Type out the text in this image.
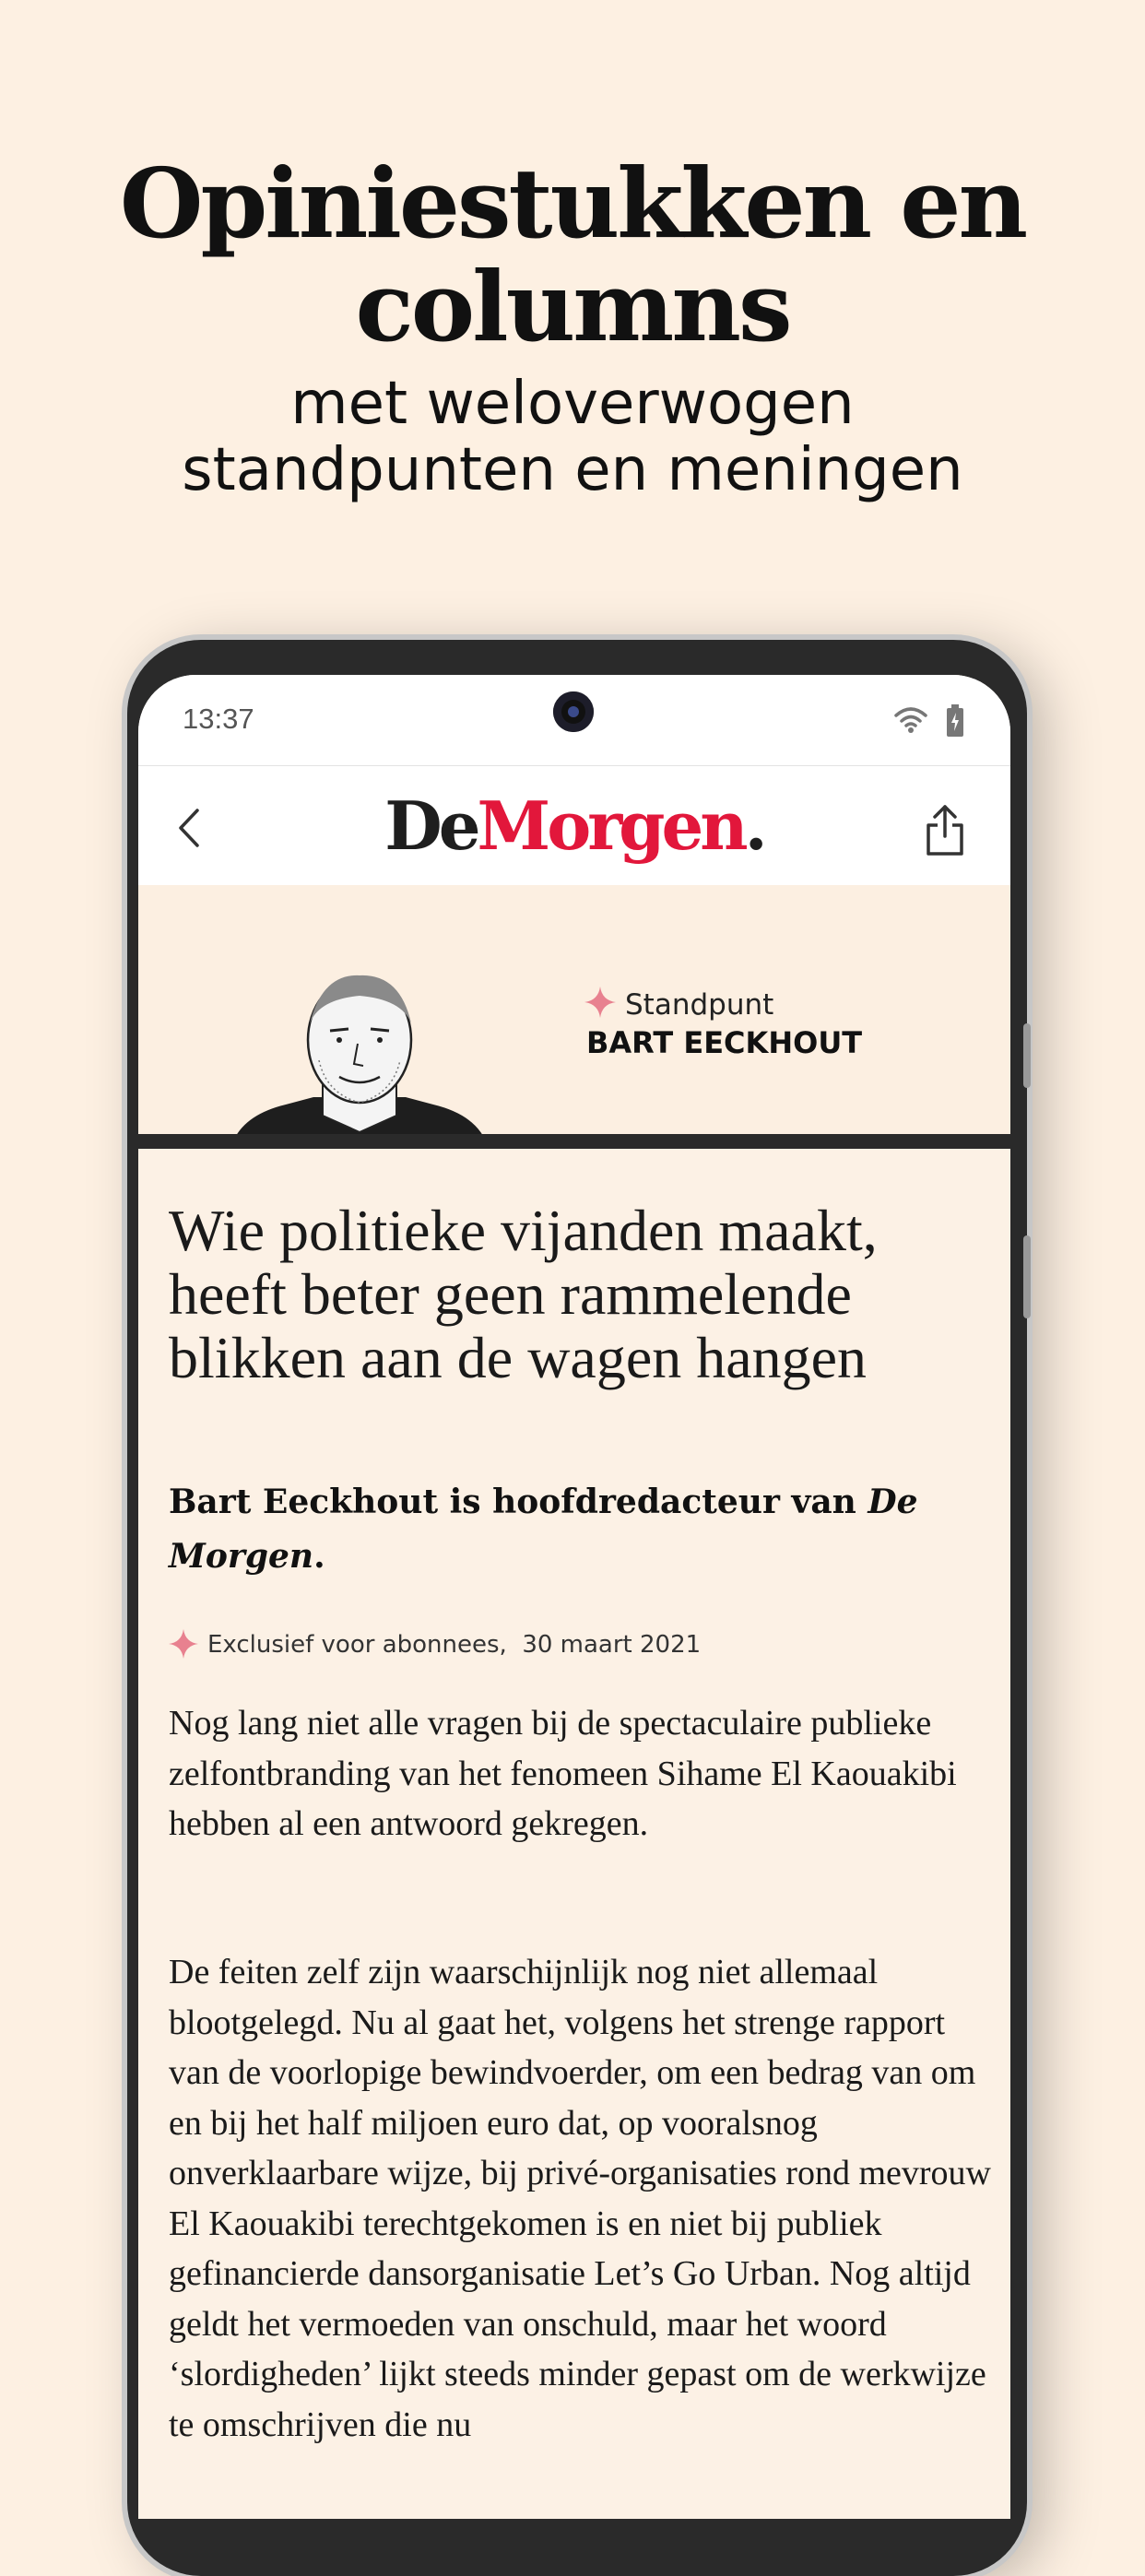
Opiniestukken en
columns
met weloverwogen
standpunten en meningen
13:37
DeMorgen.
Standpunt
BART EECKHOUT
Wie politieke vijanden maakt, heeft beter geen rammelende blikken aan de wagen hangen
Bart Eeckhout is hoofdredacteur van De Morgen.
Exclusief voor abonnees,  30 maart 2021

Nog lang niet alle vragen bij de spectaculaire publieke zelfontbranding van het fenomeen Sihame El Kaouakibi hebben al een antwoord gekregen.

De feiten zelf zijn waarschijnlijk nog niet allemaal blootgelegd. Nu al gaat het, volgens het strenge rapport van de voorlopige bewindvoerder, om een bedrag van om en bij het half miljoen euro dat, op vooralsnog onverklaarbare wijze, bij privé-organisaties rond mevrouw El Kaouakibi terechtgekomen is en niet bij publiek gefinancierde dansorganisatie Let’s Go Urban. Nog altijd geldt het vermoeden van onschuld, maar het woord ‘slordigheden’ lijkt steeds minder gepast om de werkwijze te omschrijven die nu
